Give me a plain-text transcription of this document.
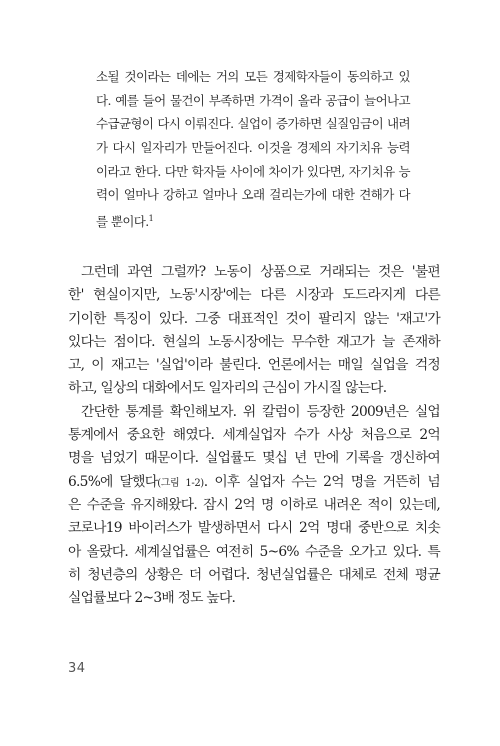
소될 것이라는 데에는 거의 모든 경제학자들이 동의하고 있
다. 예를 들어 물건이 부족하면 가격이 올라 공급이 늘어나고
수급균형이 다시 이뤄진다. 실업이 증가하면 실질임금이 내려
가 다시 일자리가 만들어진다. 이것을 경제의 자기치유 능력
이라고 한다. 다만 학자들 사이에 차이가 있다면, 자기치유 능
력이 얼마나 강하고 얼마나 오래 걸리는가에 대한 견해가 다
를 뿐이다.$^1$
그런데 과연 그럴까? 노동이 상품으로 거래되는 것은 '불편
한' 현실이지만, 노동'시장'에는 다른 시장과 도드라지게 다른
기이한 특징이 있다. 그중 대표적인 것이 팔리지 않는 '재고'가
있다는 점이다. 현실의 노동시장에는 무수한 재고가 늘 존재하
고, 이 재고는 '실업'이라 불린다. 언론에서는 매일 실업을 걱정
하고, 일상의 대화에서도 일자리의 근심이 가시질 않는다.
간단한 통계를 확인해보자. 위 칼럼이 등장한 2009년은 실업
통계에서 중요한 해였다. 세계실업자 수가 사상 처음으로 2억
명을 넘었기 때문이다. 실업률도 몇십 년 만에 기록을 갱신하여
6.5%에 달했다(그림 1-2). 이후 실업자 수는 2억 명을 거뜬히 넘
은 수준을 유지해왔다. 잠시 2억 명 이하로 내려온 적이 있는데,
코로나19 바이러스가 발생하면서 다시 2억 명대 중반으로 치솟
아 올랐다. 세계실업률은 여전히 5~6% 수준을 오가고 있다. 특
히 청년층의 상황은 더 어렵다. 청년실업률은 대체로 전체 평균
실업률보다 2~3배 정도 높다.
34
